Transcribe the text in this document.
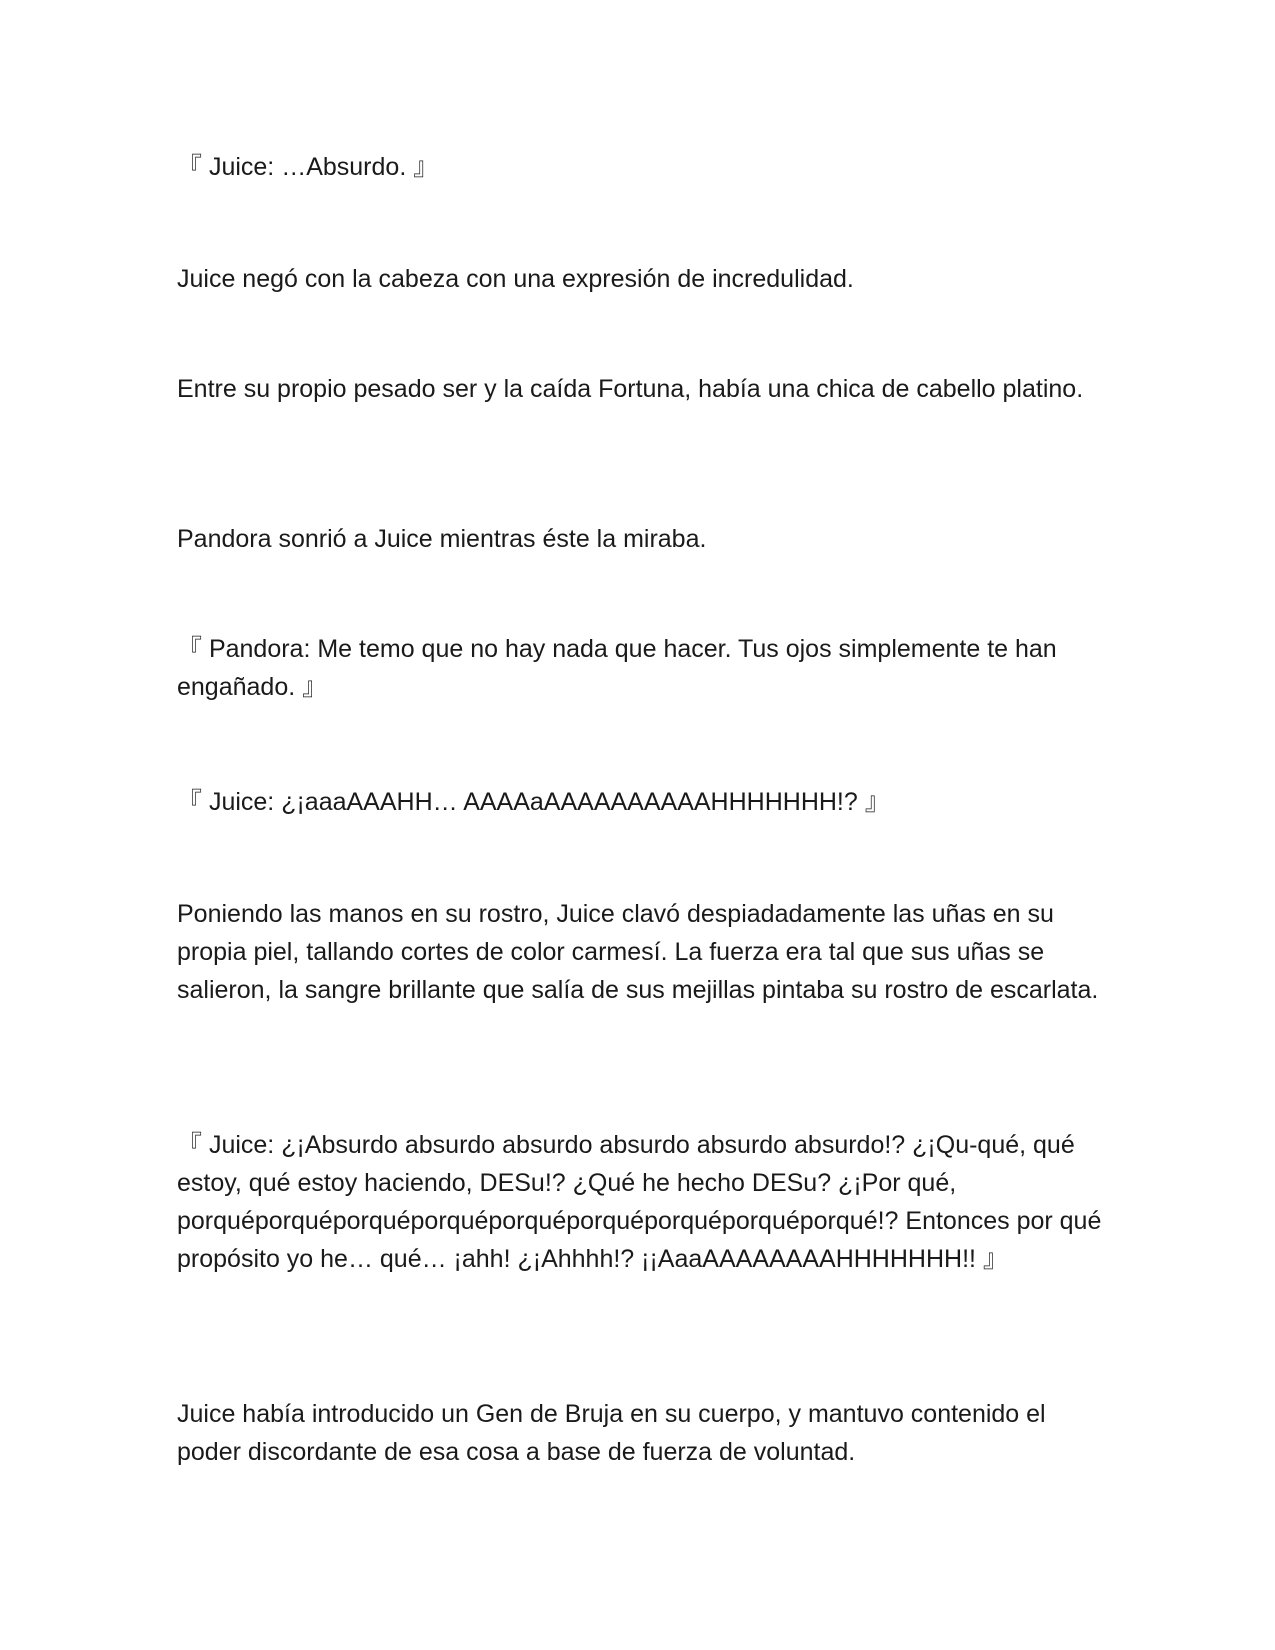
『 Juice: …Absurdo. 』

Juice negó con la cabeza con una expresión de incredulidad.

Entre su propio pesado ser y la caída Fortuna, había una chica de cabello platino.

Pandora sonrió a Juice mientras éste la miraba.

『 Pandora: Me temo que no hay nada que hacer. Tus ojos simplemente te han engañado. 』

『 Juice: ¿¡aaaAAAHH… AAAAaAAAAAAAAAAHHHHHHH!? 』

Poniendo las manos en su rostro, Juice clavó despiadadamente las uñas en su propia piel, tallando cortes de color carmesí. La fuerza era tal que sus uñas se salieron, la sangre brillante que salía de sus mejillas pintaba su rostro de escarlata.

『 Juice: ¿¡Absurdo absurdo absurdo absurdo absurdo absurdo!? ¿¡Qu-qué, qué estoy, qué estoy haciendo, DESu!? ¿Qué he hecho DESu? ¿¡Por qué, porquéporquéporquéporquéporquéporquéporquéporquéporqué!? Entonces por qué propósito yo he… qué… ¡ahh! ¿¡Ahhhh!? ¡¡AaaAAAAAAAAHHHHHHH!! 』

Juice había introducido un Gen de Bruja en su cuerpo, y mantuvo contenido el poder discordante de esa cosa a base de fuerza de voluntad.
